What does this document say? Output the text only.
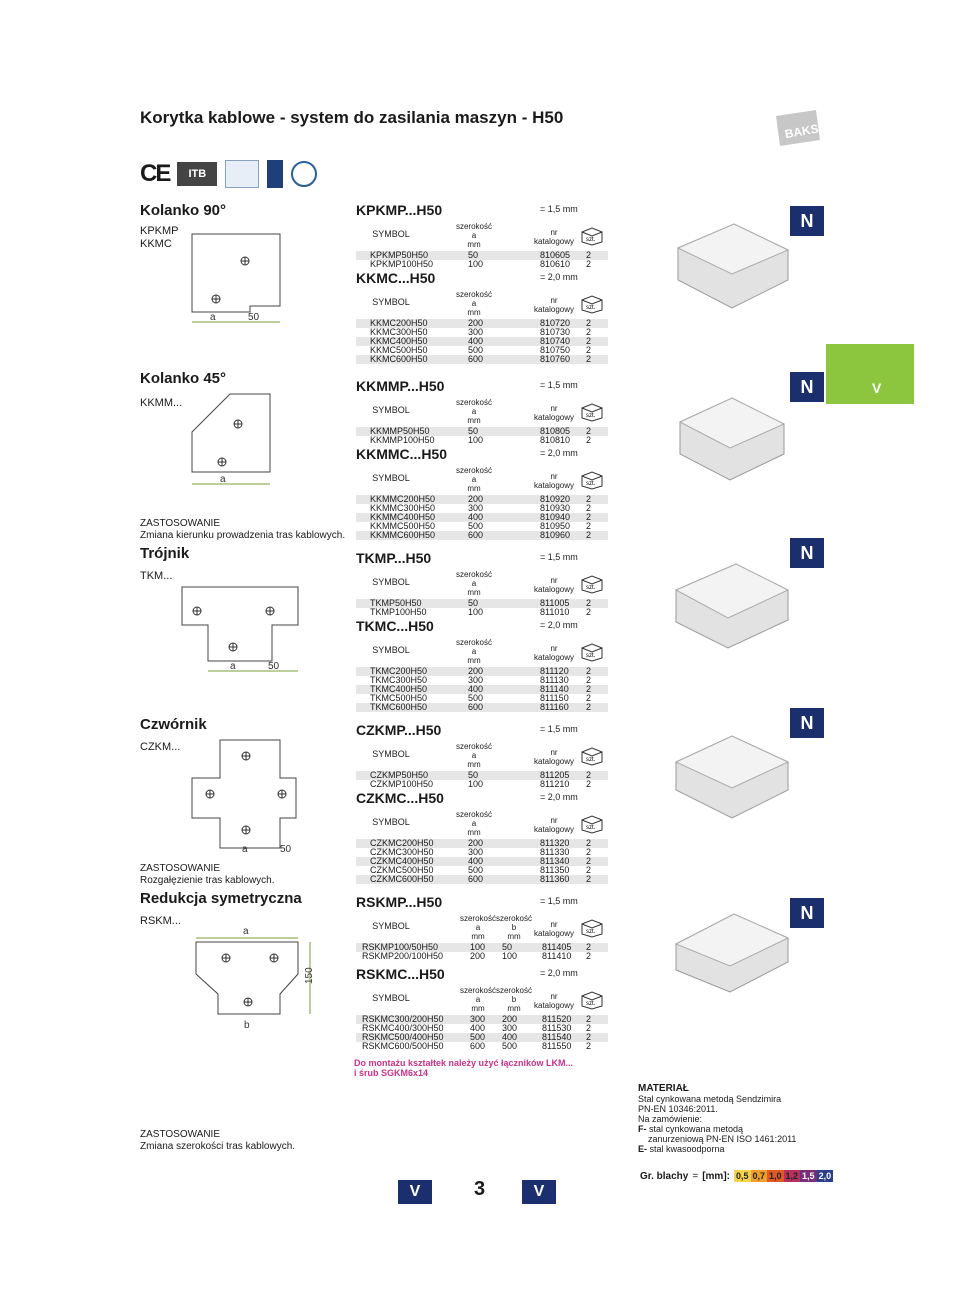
Korytka kablowe - system do zasilania maszyn - H50
BAKS
CE	ITB
Kolanko 90°
KPKMP
KKMC
a	50
Kolanko 45°
KKMM...
a
ZASTOSOWANIE
Zmiana kierunku prowadzenia tras kablowych.
Trójnik
TKM...
a	50
Czwórnik
CZKM...
a	50
ZASTOSOWANIE
Rozgałęzienie tras kablowych.
Redukcja symetryczna
RSKM...
a
150
b
ZASTOSOWANIE
Zmiana szerokości tras kablowych.
KPKMP...H50	= 1,5 mm
SYMBOL
szerokość
a
mm
nr
katalogowy szt.
KPKMP50H50	50	810605 2
KPKMP100H50	100	810610 2
KKMC...H50	= 2,0 mm
SYMBOL
szerokość
a
mm
nr
katalogowy szt.
KKMC200H50	200	810720 2
KKMC300H50	300	810730 2
KKMC400H50	400	810740 2
KKMC500H50	500	810750 2
KKMC600H50	600	810760 2
KKMMP...H50	= 1,5 mm
SYMBOL
szerokość
a
mm
nr
katalogowy szt.
KKMMP50H50	50	810805 2
KKMMP100H50	100	810810 2
KKMMC...H50	= 2,0 mm
SYMBOL
szerokość
a
mm
nr
katalogowy szt.
KKMMC200H50	200	810920 2
KKMMC300H50	300	810930 2
KKMMC400H50	400	810940 2
KKMMC500H50	500	810950 2
KKMMC600H50	600	810960 2
TKMP...H50	= 1,5 mm
SYMBOL
szerokość
a
mm
nr
katalogowy szt.
TKMP50H50	50	811005 2
TKMP100H50	100	811010 2
TKMC...H50	= 2,0 mm
SYMBOL
szerokość
a
mm
nr
katalogowy szt.
TKMC200H50	200	811120 2
TKMC300H50	300	811130 2
TKMC400H50	400	811140 2
TKMC500H50	500	811150 2
TKMC600H50	600	811160 2
CZKMP...H50	= 1,5 mm
SYMBOL
szerokość
a
mm
nr
katalogowy szt.
CZKMP50H50	50	811205 2
CZKMP100H50	100	811210 2
CZKMC...H50	= 2,0 mm
SYMBOL
szerokość
a
mm
nr
katalogowy szt.
CZKMC200H50	200	811320 2
CZKMC300H50	300	811330 2
CZKMC400H50	400	811340 2
CZKMC500H50	500	811350 2
CZKMC600H50	600	811360 2
RSKMP...H50	= 1,5 mm
SYMBOL
szerokość
a
mm
szerokość
b
mm
nr
katalogowy szt.
RSKMP100/50H50	100 50	811405 2
RSKMP200/100H50	200 100	811410 2
RSKMC...H50	= 2,0 mm
SYMBOL
szerokość
a
mm
szerokość
b
mm
nr
katalogowy szt.
RSKMC300/200H50	300 200	811520 2
RSKMC400/300H50	400 300	811530 2
RSKMC500/400H50	500 400	811540 2
RSKMC600/500H50	600 500	811550 2
Do montażu kształtek należy użyć łączników LKM...
i śrub SGKM6x14
N
N	V
N
N
N
MATERIAŁ
Stal cynkowana metodą Sendzimira
PN-EN 10346:2011.
Na zamówienie:
F- stal cynkowana metodą
zanurzeniową PN-EN ISO 1461:2011
E- stal kwasoodporna
Gr. blachy = [mm]: 0,5 0,7 1,0 1,2 1,5 2,0
V	3	V
